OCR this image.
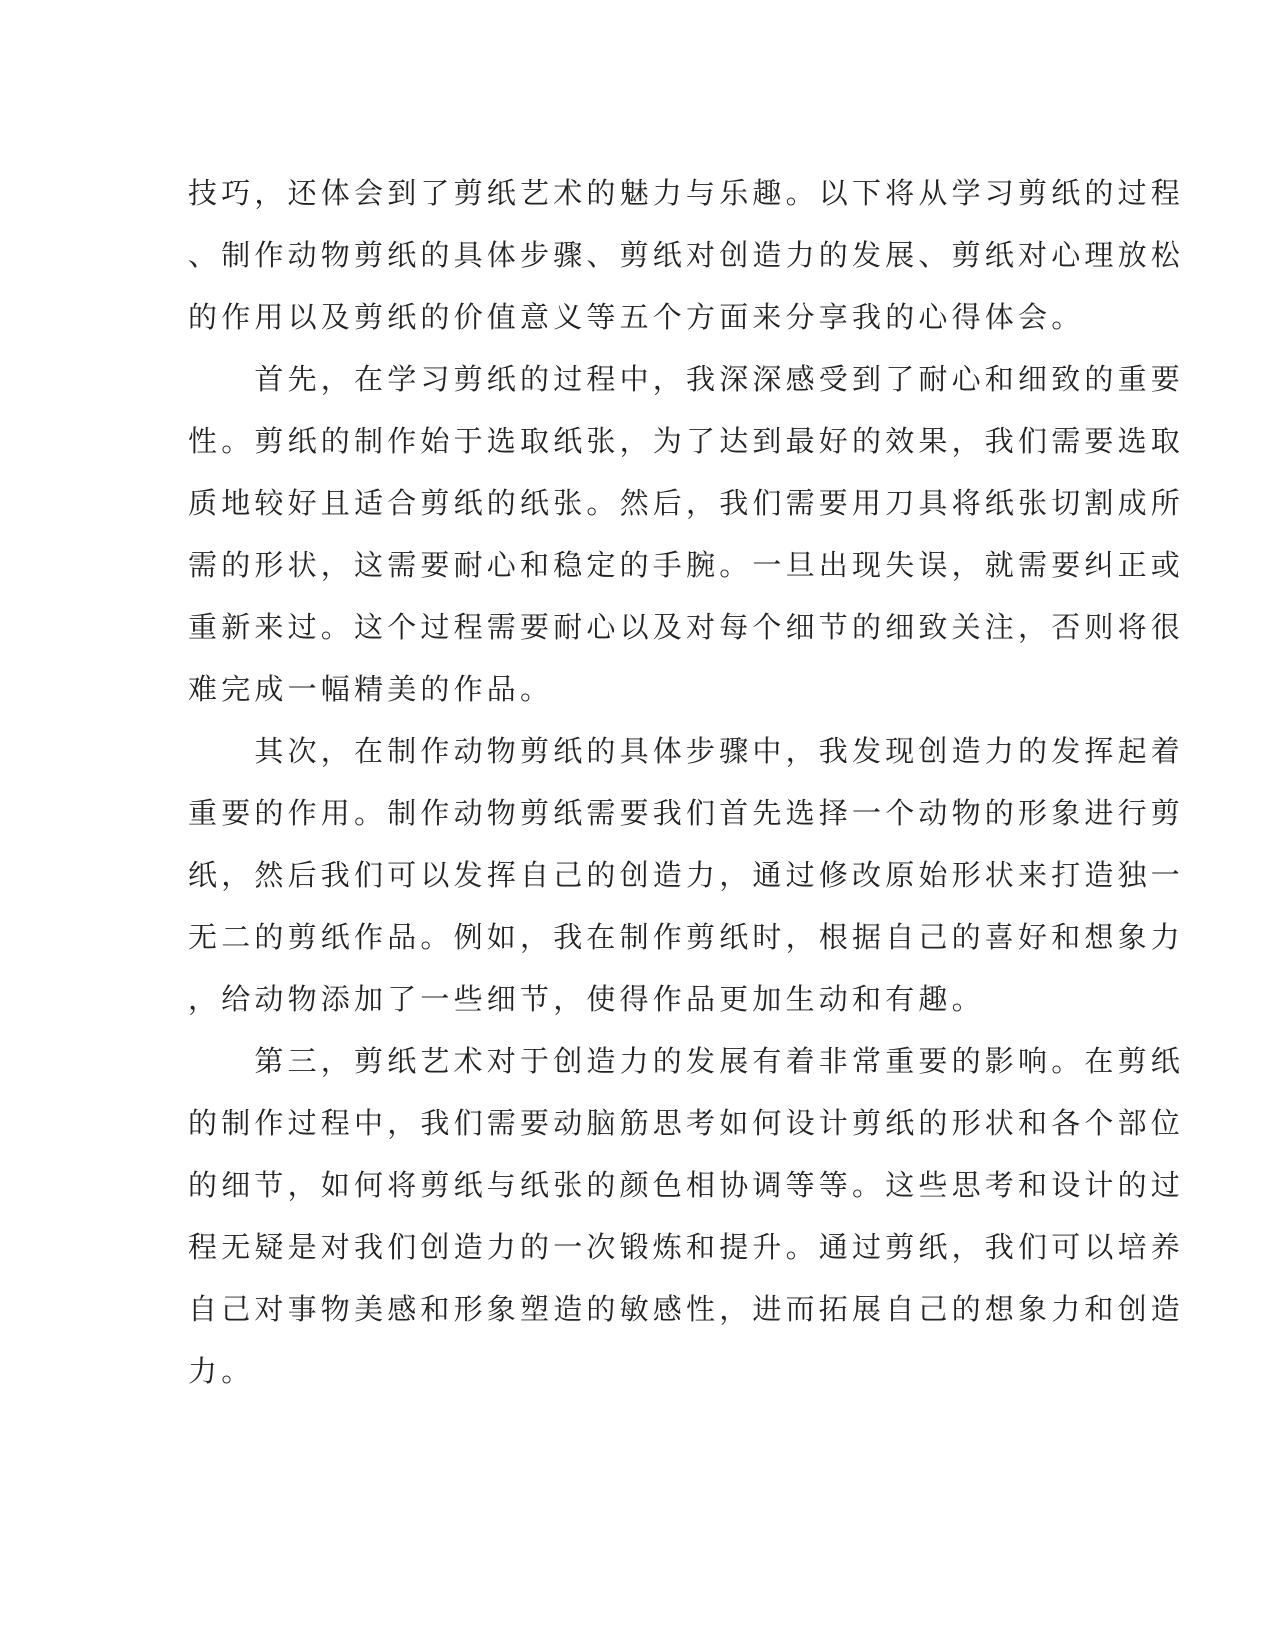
技巧，还体会到了剪纸艺术的魅力与乐趣。以下将从学习剪纸的过程
、制作动物剪纸的具体步骤、剪纸对创造力的发展、剪纸对心理放松
的作用以及剪纸的价值意义等五个方面来分享我的心得体会。
　　首先，在学习剪纸的过程中，我深深感受到了耐心和细致的重要
性。剪纸的制作始于选取纸张，为了达到最好的效果，我们需要选取
质地较好且适合剪纸的纸张。然后，我们需要用刀具将纸张切割成所
需的形状，这需要耐心和稳定的手腕。一旦出现失误，就需要纠正或
重新来过。这个过程需要耐心以及对每个细节的细致关注，否则将很
难完成一幅精美的作品。
　　其次，在制作动物剪纸的具体步骤中，我发现创造力的发挥起着
重要的作用。制作动物剪纸需要我们首先选择一个动物的形象进行剪
纸，然后我们可以发挥自己的创造力，通过修改原始形状来打造独一
无二的剪纸作品。例如，我在制作剪纸时，根据自己的喜好和想象力
，给动物添加了一些细节，使得作品更加生动和有趣。
　　第三，剪纸艺术对于创造力的发展有着非常重要的影响。在剪纸
的制作过程中，我们需要动脑筋思考如何设计剪纸的形状和各个部位
的细节，如何将剪纸与纸张的颜色相协调等等。这些思考和设计的过
程无疑是对我们创造力的一次锻炼和提升。通过剪纸，我们可以培养
自己对事物美感和形象塑造的敏感性，进而拓展自己的想象力和创造
力。
